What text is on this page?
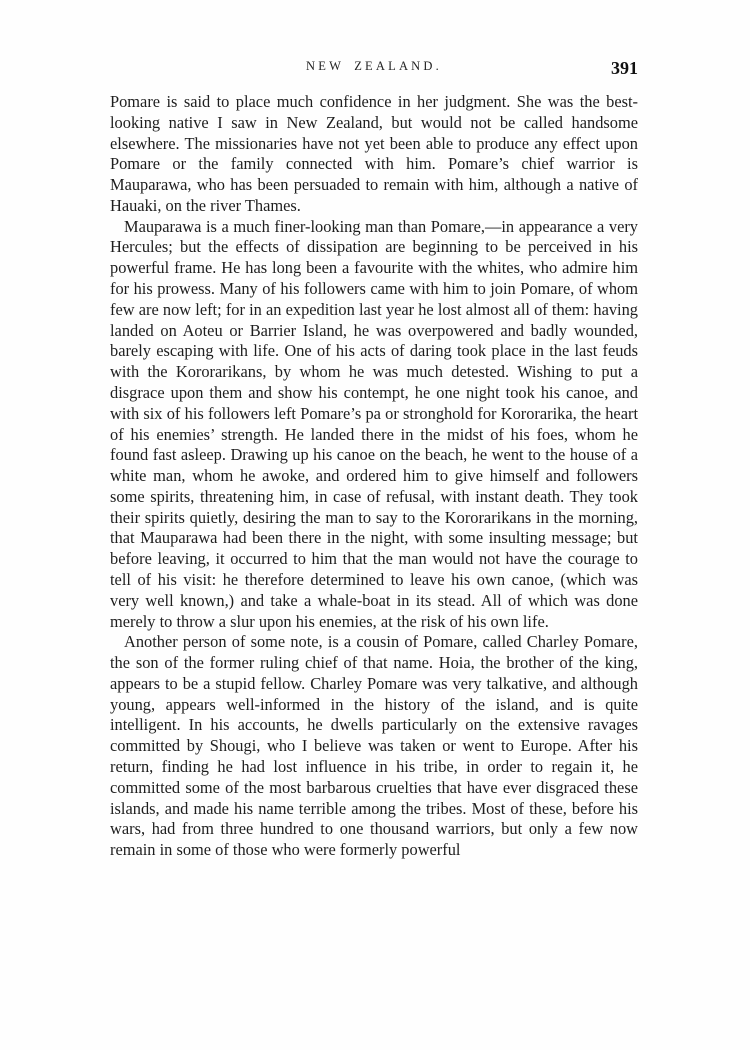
NEW ZEALAND.	391

Pomare is said to place much confidence in her judgment. She was the best-looking native I saw in New Zealand, but would not be called handsome elsewhere. The missionaries have not yet been able to produce any effect upon Pomare or the family connected with him. Pomare’s chief warrior is Mauparawa, who has been persuaded to remain with him, although a native of Hauaki, on the river Thames.

Mauparawa is a much finer-looking man than Pomare,—in appearance a very Hercules; but the effects of dissipation are beginning to be perceived in his powerful frame. He has long been a favourite with the whites, who admire him for his prowess. Many of his followers came with him to join Pomare, of whom few are now left; for in an expedition last year he lost almost all of them: having landed on Aoteu or Barrier Island, he was overpowered and badly wounded, barely escaping with life. One of his acts of daring took place in the last feuds with the Kororarikans, by whom he was much detested. Wishing to put a disgrace upon them and show his contempt, he one night took his canoe, and with six of his followers left Pomare’s pa or stronghold for Kororarika, the heart of his enemies’ strength. He landed there in the midst of his foes, whom he found fast asleep. Drawing up his canoe on the beach, he went to the house of a white man, whom he awoke, and ordered him to give himself and followers some spirits, threatening him, in case of refusal, with instant death. They took their spirits quietly, desiring the man to say to the Kororarikans in the morning, that Mauparawa had been there in the night, with some insulting message; but before leaving, it occurred to him that the man would not have the courage to tell of his visit: he therefore determined to leave his own canoe, (which was very well known,) and take a whale-boat in its stead. All of which was done merely to throw a slur upon his enemies, at the risk of his own life.

Another person of some note, is a cousin of Pomare, called Charley Pomare, the son of the former ruling chief of that name. Hoia, the brother of the king, appears to be a stupid fellow. Charley Pomare was very talkative, and although young, appears well-informed in the history of the island, and is quite intelligent. In his accounts, he dwells particularly on the extensive ravages committed by Shougi, who I believe was taken or went to Europe. After his return, finding he had lost influence in his tribe, in order to regain it, he committed some of the most barbarous cruelties that have ever disgraced these islands, and made his name terrible among the tribes. Most of these, before his wars, had from three hundred to one thousand warriors, but only a few now remain in some of those who were formerly powerful
